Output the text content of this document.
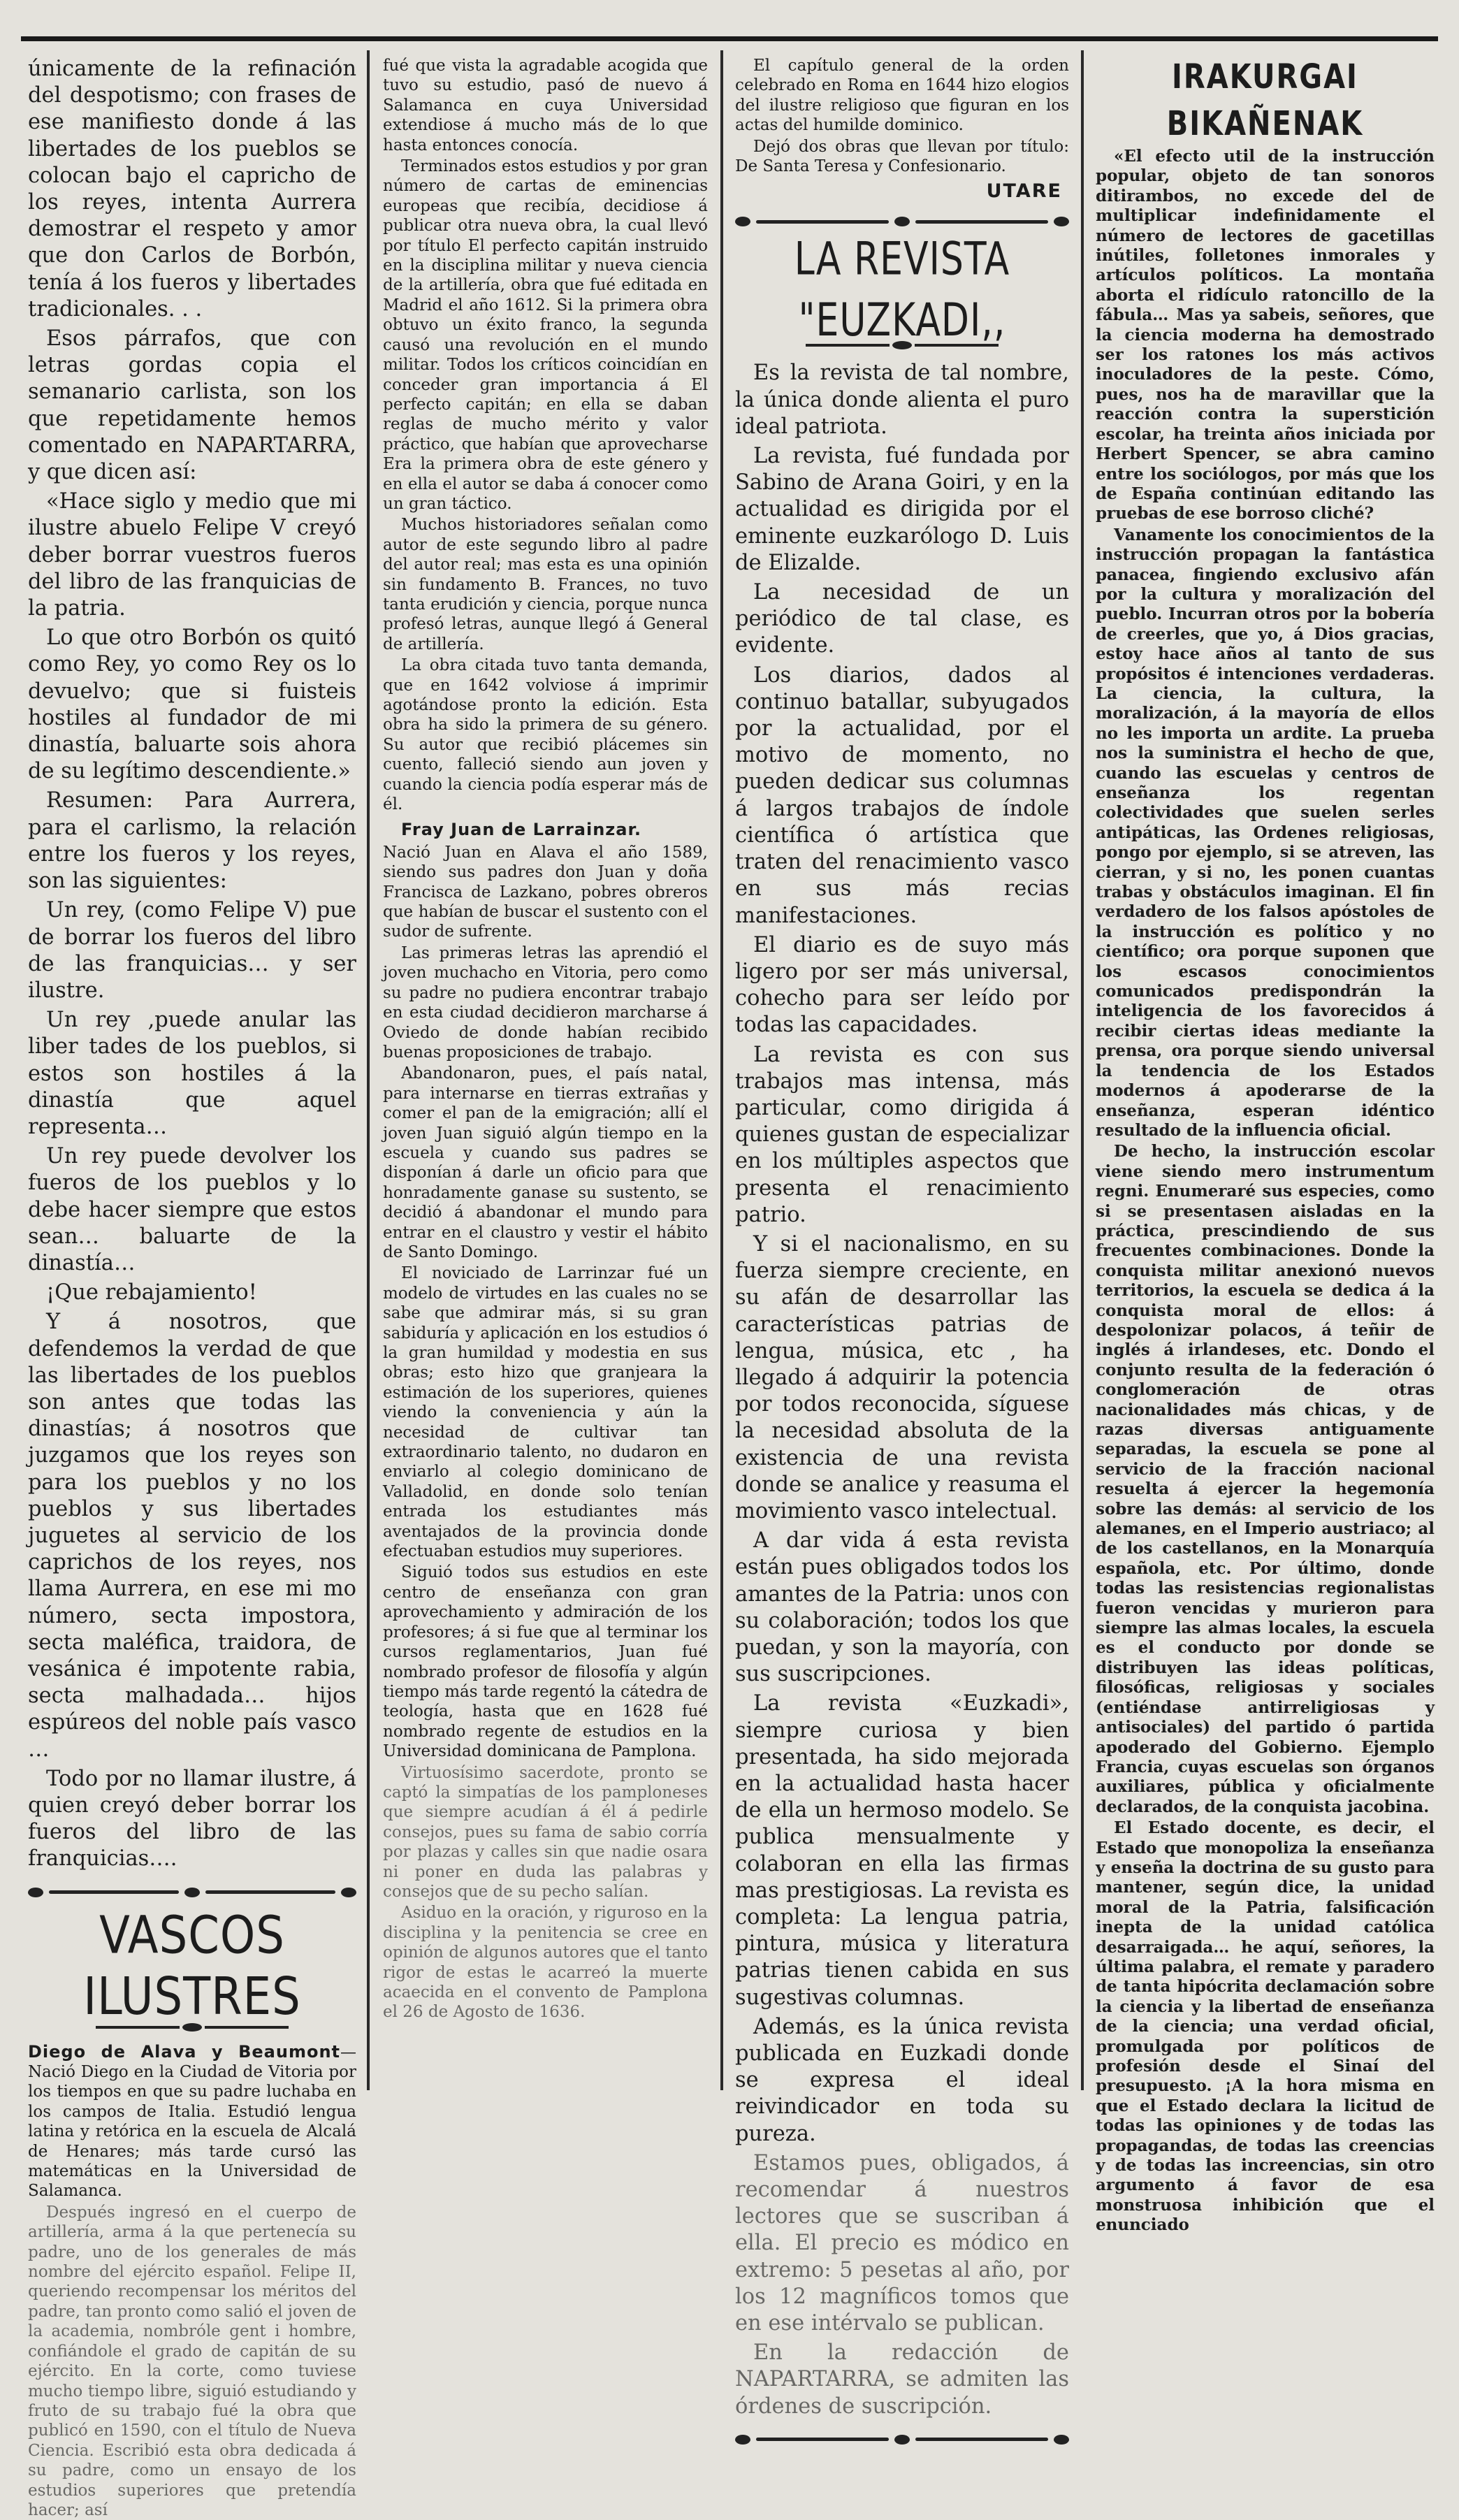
únicamente de la refinación del despotismo; con frases de ese manifiesto donde á las libertades de los pueblos se colocan bajo el capricho de los reyes, intenta Aurrera demostrar el respeto y amor que don Carlos de Borbón, tenía á los fueros y libertades tradicionales. . .

Esos párrafos, que con letras gordas copia el semanario carlista, son los que repetidamente hemos comentado en NAPARTARRA, y que dicen así:

«Hace siglo y medio que mi ilustre abuelo Felipe V creyó deber borrar vuestros fueros del libro de las franquicias de la patria.

Lo que otro Borbón os quitó como Rey, yo como Rey os lo devuelvo; que si fuisteis hostiles al fundador de mi dinastía, baluarte sois ahora de su legítimo descendiente.»

Resumen: Para Aurrera, para el carlismo, la relación entre los fueros y los reyes, son las siguientes:

Un rey, (como Felipe V) pue de borrar los fueros del libro de las franquicias… y ser ilustre.

Un rey ,puede anular las liber tades de los pueblos, si estos son hostiles á la dinastía que aquel representa…

Un rey puede devolver los fueros de los pueblos y lo debe hacer siempre que estos sean… baluarte de la dinastía…

¡Que rebajamiento!

Y á nosotros, que defendemos la verdad de que las libertades de los pueblos son antes que todas las dinastías; á nosotros que juzgamos que los reyes son para los pueblos y no los pueblos y sus libertades juguetes al servicio de los caprichos de los reyes, nos llama Aurrera, en ese mi mo número, secta impostora, secta maléfica, traidora, de vesánica é impotente rabia, secta malhadada… hijos espúreos del noble país vasco …

Todo por no llamar ilustre, á quien creyó deber borrar los fueros del libro de las franquicias….

VASCOS ILUSTRES

Diego de Alava y Beaumont—Nació Diego en la Ciudad de Vitoria por los tiempos en que su padre luchaba en los campos de Italia. Estudió lengua latina y retórica en la escuela de Alcalá de Henares; más tarde cursó las matemáticas en la Universidad de Salamanca.

Después ingresó en el cuerpo de artillería, arma á la que pertenecía su padre, uno de los generales de más nombre del ejército español. Felipe II, queriendo recompensar los méritos del padre, tan pronto como salió el joven de la academia, nombróle gent i hombre, confiándole el grado de capitán de su ejército. En la corte, como tuviese mucho tiempo libre, siguió estudiando y fruto de su trabajo fué la obra que publicó en 1590, con el título de Nueva Ciencia. Escribió esta obra dedicada á su padre, como un ensayo de los estudios superiores que pretendía hacer; así

fué que vista la agradable acogida que tuvo su estudio, pasó de nuevo á Salamanca en cuya Universidad extendiose á mucho más de lo que hasta entonces conocía.

Terminados estos estudios y por gran número de cartas de eminencias europeas que recibía, decidiose á publicar otra nueva obra, la cual llevó por título El perfecto capitán instruido en la disciplina militar y nueva ciencia de la artillería, obra que fué editada en Madrid el año 1612. Si la primera obra obtuvo un éxito franco, la segunda causó una revolución en el mundo militar. Todos los críticos coincidían en conceder gran importancia á El perfecto capitán; en ella se daban reglas de mucho mérito y valor práctico, que habían que aprovecharse Era la primera obra de este género y en ella el autor se daba á conocer como un gran táctico.

Muchos historiadores señalan como autor de este segundo libro al padre del autor real; mas esta es una opinión sin fundamento B. Frances, no tuvo tanta erudición y ciencia, porque nunca profesó letras, aunque llegó á General de artillería.

La obra citada tuvo tanta demanda, que en 1642 volviose á imprimir agotándose pronto la edición. Esta obra ha sido la primera de su género. Su autor que recibió plácemes sin cuento, falleció siendo aun joven y cuando la ciencia podía esperar más de él.

Fray Juan de Larrainzar.

Nació Juan en Alava el año 1589, siendo sus padres don Juan y doña Francisca de Lazkano, pobres obreros que habían de buscar el sustento con el sudor de sufrente.

Las primeras letras las aprendió el joven muchacho en Vitoria, pero como su padre no pudiera encontrar trabajo en esta ciudad decidieron marcharse á Oviedo de donde habían recibido buenas proposiciones de trabajo.

Abandonaron, pues, el país natal, para internarse en tierras extrañas y comer el pan de la emigración; allí el joven Juan siguió algún tiempo en la escuela y cuando sus padres se disponían á darle un oficio para que honradamente ganase su sustento, se decidió á abandonar el mundo para entrar en el claustro y vestir el hábito de Santo Domingo.

El noviciado de Larrinzar fué un modelo de virtudes en las cuales no se sabe que admirar más, si su gran sabiduría y aplicación en los estudios ó la gran humildad y modestia en sus obras; esto hizo que granjeara la estimación de los superiores, quienes viendo la conveniencia y aún la necesidad de cultivar tan extraordinario talento, no dudaron en enviarlo al colegio dominicano de Valladolid, en donde solo tenían entrada los estudiantes más aventajados de la provincia donde efectuaban estudios muy superiores.

Siguió todos sus estudios en este centro de enseñanza con gran aprovechamiento y admiración de los profesores; á si fue que al terminar los cursos reglamentarios, Juan fué nombrado profesor de filosofía y algún tiempo más tarde regentó la cátedra de teología, hasta que en 1628 fué nombrado regente de estudios en la Universidad dominicana de Pamplona.

Virtuosísimo sacerdote, pronto se captó la simpatías de los pamploneses que siempre acudían á él á pedirle consejos, pues su fama de sabio corría por plazas y calles sin que nadie osara ni poner en duda las palabras y consejos que de su pecho salían.

Asiduo en la oración, y riguroso en la disciplina y la penitencia se cree en opinión de algunos autores que el tanto rigor de estas le acarreó la muerte acaecida en el convento de Pamplona el 26 de Agosto de 1636.

El capítulo general de la orden celebrado en Roma en 1644 hizo elogios del ilustre religioso que figuran en los actas del humilde dominico.

Dejó dos obras que llevan por título: De Santa Teresa y Confesionario.

UTARE
LA REVISTA "EUZKADI,,

Es la revista de tal nombre, la única donde alienta el puro ideal patriota.

La revista, fué fundada por Sabino de Arana Goiri, y en la actualidad es dirigida por el eminente euzkarólogo D. Luis de Elizalde.

La necesidad de un periódico de tal clase, es evidente.

Los diarios, dados al continuo batallar, subyugados por la actualidad, por el motivo de momento, no pueden dedicar sus columnas á largos trabajos de índole científica ó artística que traten del renacimiento vasco en sus más recias manifestaciones.

El diario es de suyo más ligero por ser más universal, cohecho para ser leído por todas las capacidades.

La revista es con sus trabajos mas intensa, más particular, como dirigida á quienes gustan de especializar en los múltiples aspectos que presenta el renacimiento patrio.

Y si el nacionalismo, en su fuerza siempre creciente, en su afán de desarrollar las características patrias de lengua, música, etc , ha llegado á adquirir la potencia por todos reconocida, síguese la necesidad absoluta de la existencia de una revista donde se analice y reasuma el movimiento vasco intelectual.

A dar vida á esta revista están pues obligados todos los amantes de la Patria: unos con su colaboración; todos los que puedan, y son la mayoría, con sus suscripciones.

La revista «Euzkadi», siempre curiosa y bien presentada, ha sido mejorada en la actualidad hasta hacer de ella un hermoso modelo. Se publica mensualmente y colaboran en ella las firmas mas prestigiosas. La revista es completa: La lengua patria, pintura, música y literatura patrias tienen cabida en sus sugestivas columnas.

Además, es la única revista publicada en Euzkadi donde se expresa el ideal reivindicador en toda su pureza.

Estamos pues, obligados, á recomendar á nuestros lectores que se suscriban á ella. El precio es módico en extremo: 5 pesetas al año, por los 12 magníficos tomos que en ese intérvalo se publican.

En la redacción de NAPARTARRA, se admiten las órdenes de suscripción.

IRAKURGAI BIKAÑENAK

«El efecto util de la instrucción popular, objeto de tan sonoros ditirambos, no excede del de multiplicar indefinidamente el número de lectores de gacetillas inútiles, folletones inmorales y artículos políticos. La montaña aborta el ridículo ratoncillo de la fábula… Mas ya sabeis, señores, que la ciencia moderna ha demostrado ser los ratones los más activos inoculadores de la peste. Cómo, pues, nos ha de maravillar que la reacción contra la superstición escolar, ha treinta años iniciada por Herbert Spencer, se abra camino entre los sociólogos, por más que los de España continúan editando las pruebas de ese borroso cliché?

Vanamente los conocimientos de la instrucción propagan la fantástica panacea, fingiendo exclusivo afán por la cultura y moralización del pueblo. Incurran otros por la bobería de creerles, que yo, á Dios gracias, estoy hace años al tanto de sus propósitos é intenciones verdaderas. La ciencia, la cultura, la moralización, á la mayoría de ellos no les importa un ardite. La prueba nos la suministra el hecho de que, cuando las escuelas y centros de enseñanza los regentan colectividades que suelen serles antipáticas, las Ordenes religiosas, pongo por ejemplo, si se atreven, las cierran, y si no, les ponen cuantas trabas y obstáculos imaginan. El fin verdadero de los falsos apóstoles de la instrucción es político y no científico; ora porque suponen que los escasos conocimientos comunicados predispondrán la inteligencia de los favorecidos á recibir ciertas ideas mediante la prensa, ora porque siendo universal la tendencia de los Estados modernos á apoderarse de la enseñanza, esperan idéntico resultado de la influencia oficial.

De hecho, la instrucción escolar viene siendo mero instrumentum regni. Enumeraré sus especies, como si se presentasen aisladas en la práctica, prescindiendo de sus frecuentes combinaciones. Donde la conquista militar anexionó nuevos territorios, la escuela se dedica á la conquista moral de ellos: á despolonizar polacos, á teñir de inglés á irlandeses, etc. Dondo el conjunto resulta de la federación ó conglomeración de otras nacionalidades más chicas, y de razas diversas antiguamente separadas, la escuela se pone al servicio de la fracción nacional resuelta á ejercer la hegemonía sobre las demás: al servicio de los alemanes, en el Imperio austriaco; al de los castellanos, en la Monarquía española, etc. Por último, donde todas las resistencias regionalistas fueron vencidas y murieron para siempre las almas locales, la escuela es el conducto por donde se distribuyen las ideas políticas, filosóficas, religiosas y sociales (entiéndase antirreligiosas y antisociales) del partido ó partida apoderado del Gobierno. Ejemplo Francia, cuyas escuelas son órganos auxiliares, pública y oficialmente declarados, de la conquista jacobina.

El Estado docente, es decir, el Estado que monopoliza la enseñanza y enseña la doctrina de su gusto para mantener, según dice, la unidad moral de la Patria, falsificación inepta de la unidad católica desarraigada… he aquí, señores, la última palabra, el remate y paradero de tanta hipócrita declamación sobre la ciencia y la libertad de enseñanza de la ciencia; una verdad oficial, promulgada por políticos de profesión desde el Sinaí del presupuesto. ¡A la hora misma en que el Estado declara la licitud de todas las opiniones y de todas las propagandas, de todas las creencias y de todas las increencias, sin otro argumento á favor de esa monstruosa inhibición que el enunciado
